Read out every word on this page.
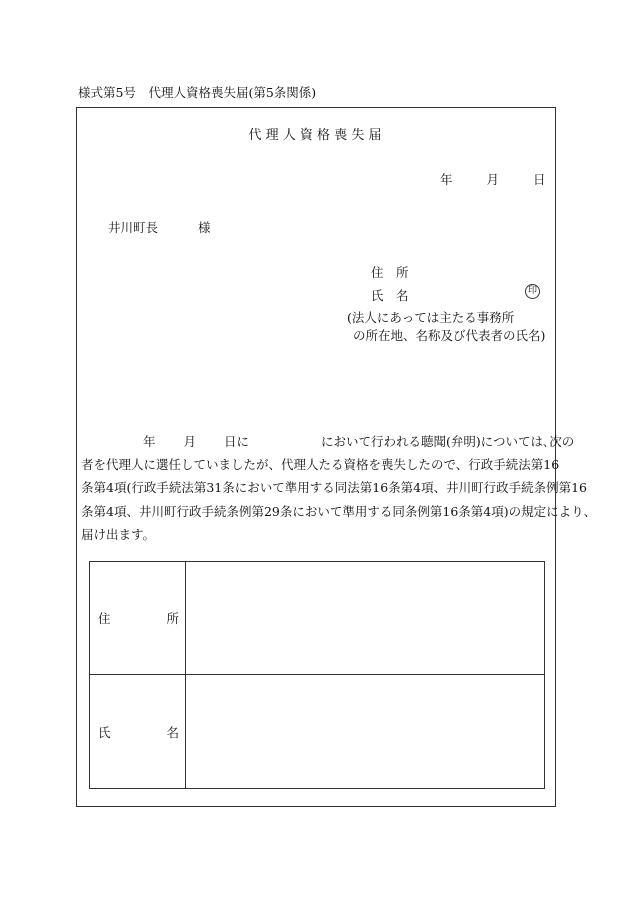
様式第5号　代理人資格喪失届(第5条関係)
代 理 人 資 格 喪 失 届
年	月	日
井川町長	様
住　所
氏　名	印
(法人にあっては主たる事務所
の所在地、名称及び代表者の氏名)
年 月 日に	において行われる聴聞(弁明)については､次の
者を代理人に選任していましたが、代理人たる資格を喪失したので、行政手続法第16
条第4項(行政手続法第31条において準用する同法第16条第4項、井川町行政手続条例第16
条第4項、井川町行政手続条例第29条において準用する同条例第16条第4項)の規定により、
届け出ます。
住 所	

氏 名	
